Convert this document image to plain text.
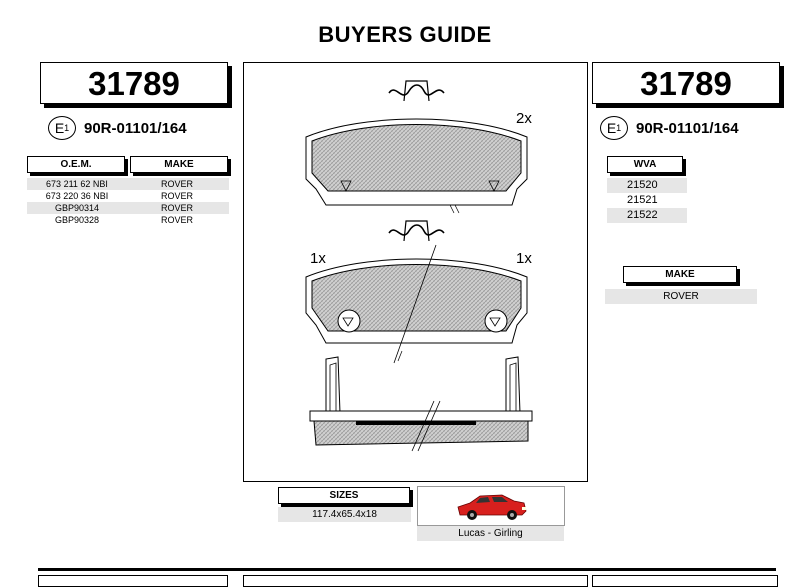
BUYERS GUIDE
31789
E 1 90R-01101/164
O.E.M.	MAKE
673 211 62 NBI	ROVER
673 220 36 NBI	ROVER
GBP90314	ROVER
GBP90328	ROVER
2x
1x	1x
31789
E 1 90R-01101/164
WVA
21520
21521
21522
MAKE
ROVER
SIZES
117.4x65.4x18
Lucas - Girling
